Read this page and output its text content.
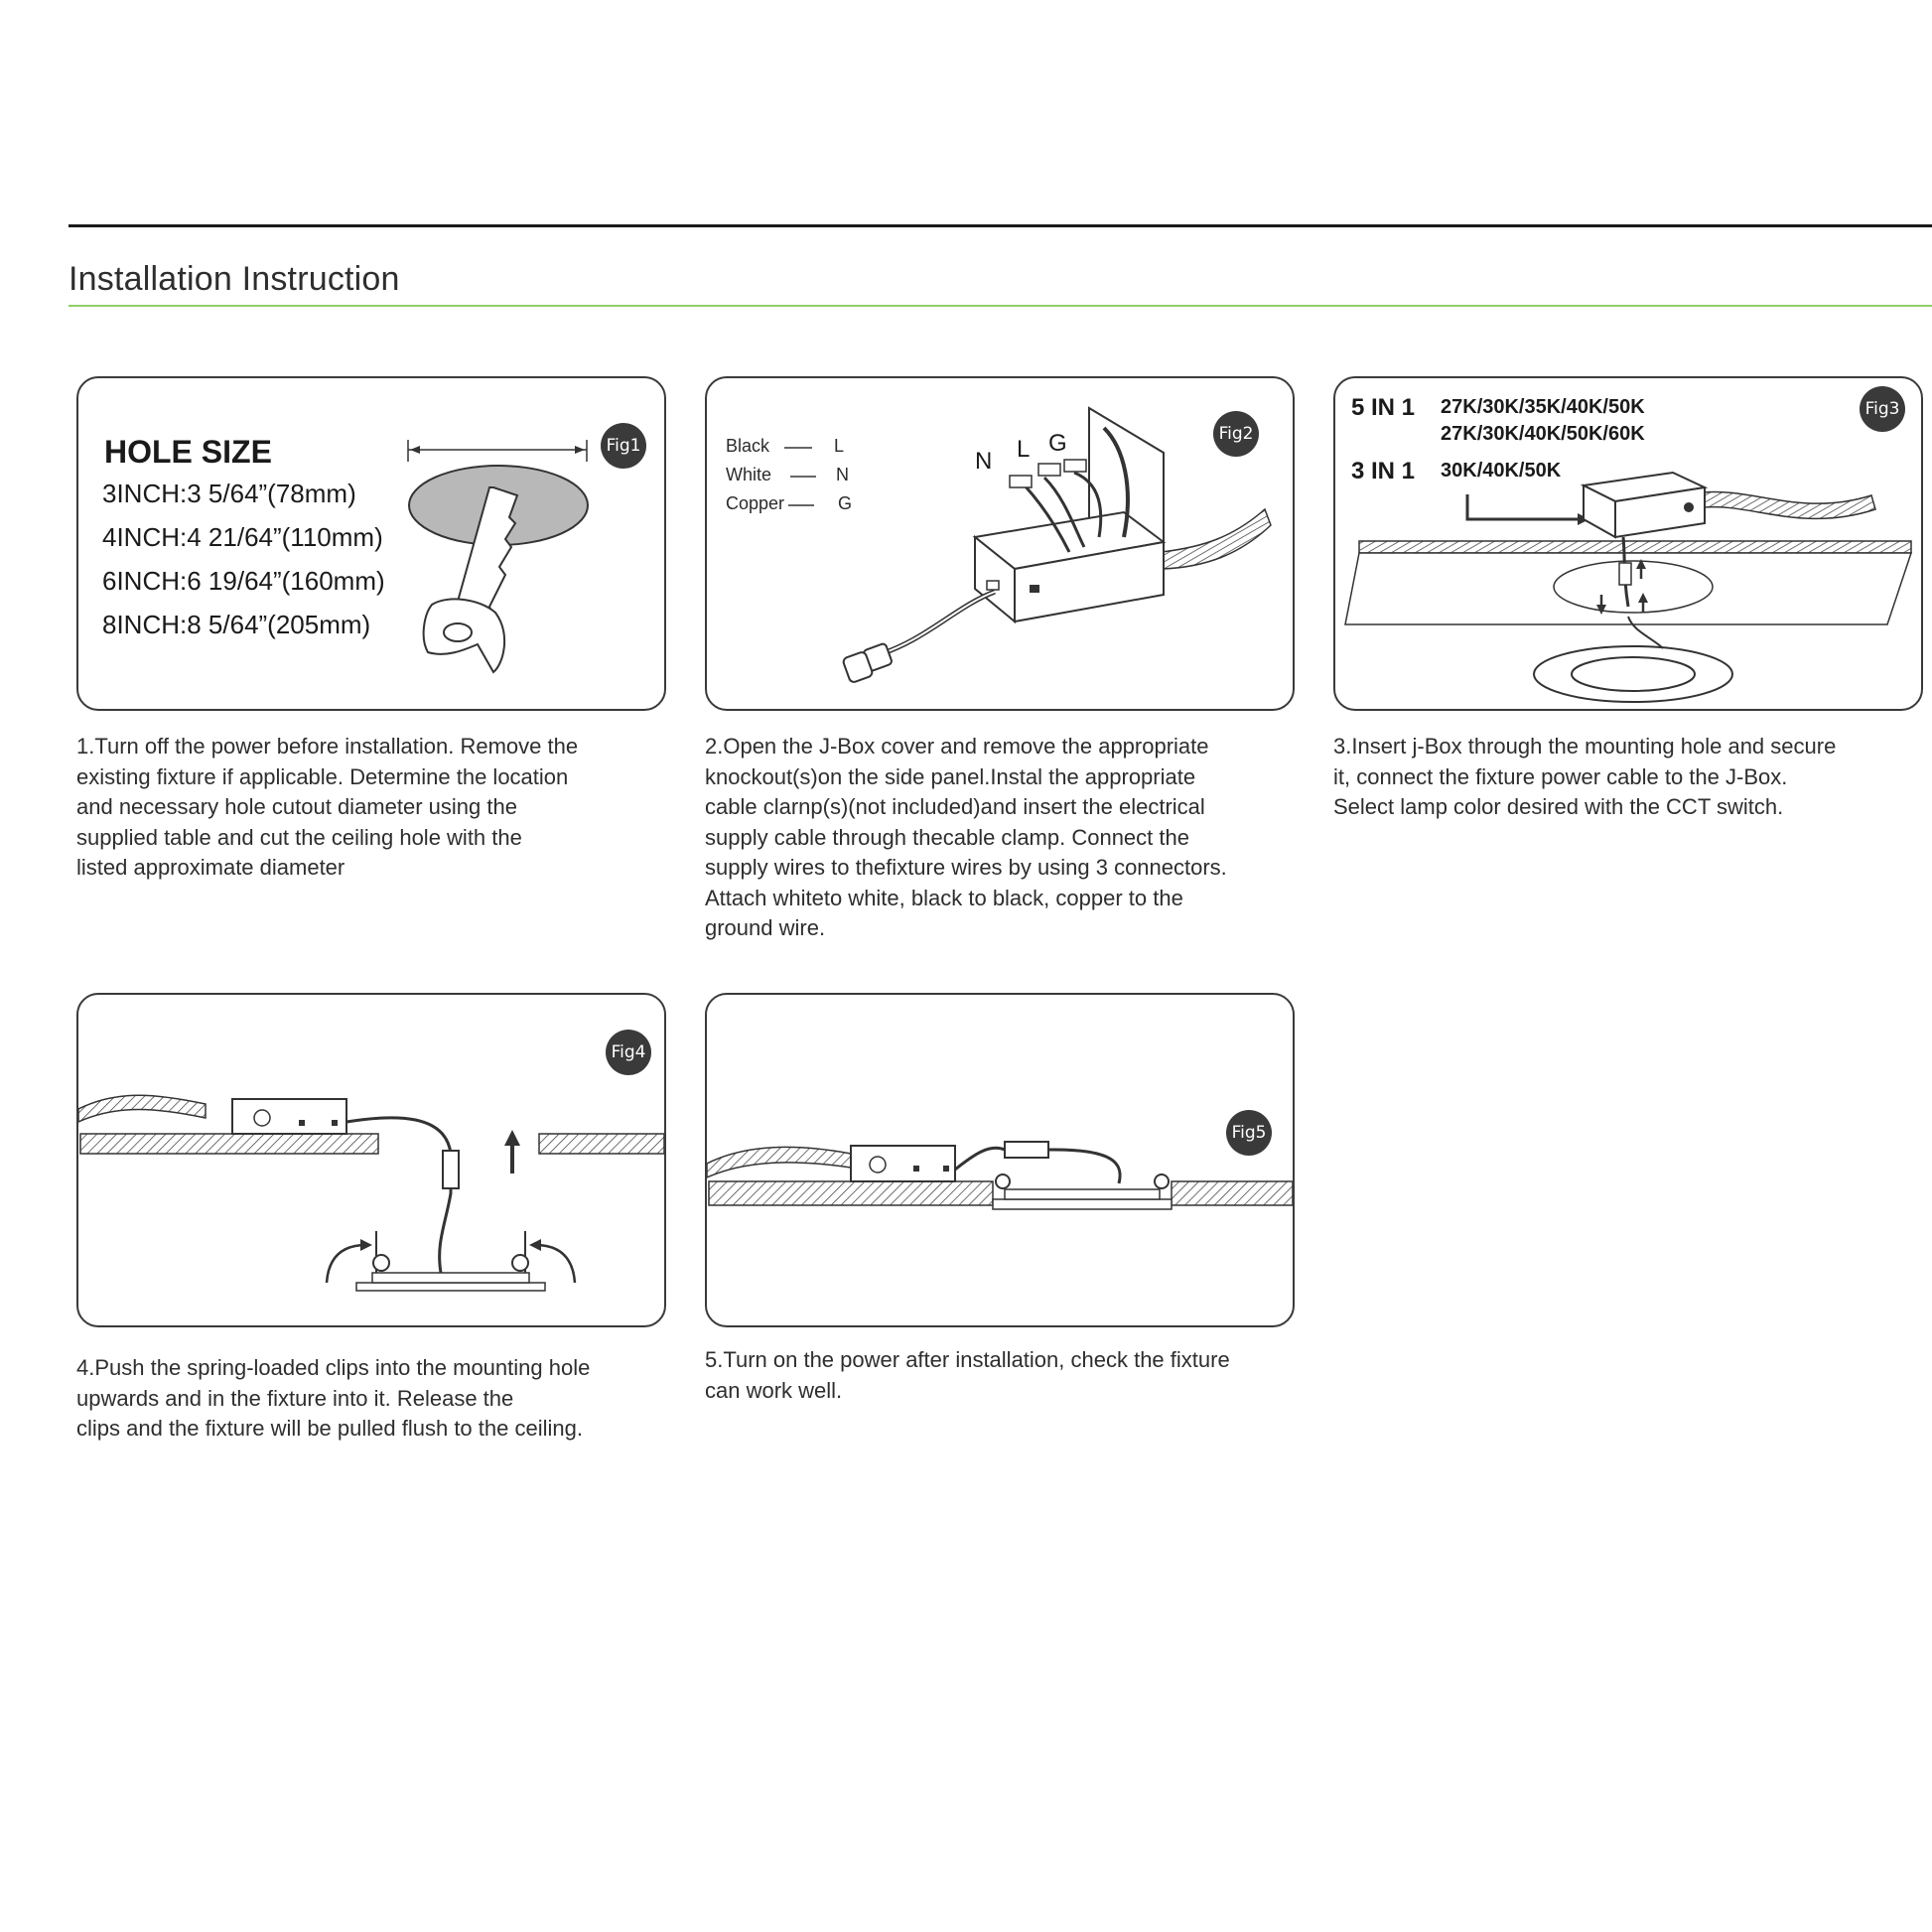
Installation Instruction
Fig1
HOLE SIZE
3INCH:3 5/64”(78mm)
4INCH:4 21/64”(110mm)
6INCH:6 19/64”(160mm)
8INCH:8 5/64”(205mm)
1.Turn off the power before installation. Remove the
existing fixture if applicable. Determine the location
and necessary hole cutout diameter using the
supplied table and cut the ceiling hole with the
listed approximate diameter
Fig2
Black	L
White	N
Copper	G
N L G
2.Open the J-Box cover and remove the appropriate
knockout(s)on the side panel.Instal the appropriate
cable clarnp(s)(not included)and insert the electrical
supply cable through thecable clamp. Connect the
supply wires to thefixture wires by using 3 connectors.
Attach whiteto white, black to black, copper to the
ground wire.
Fig3
5 IN 1 27K/30K/35K/40K/50K
27K/30K/40K/50K/60K
3 IN 1 30K/40K/50K
3.Insert j-Box through the mounting hole and secure
it, connect the fixture power cable to the J-Box.
Select lamp color desired with the CCT switch.
Fig4
4.Push the spring-loaded clips into the mounting hole
upwards and in the fixture into it. Release the
clips and the fixture will be pulled flush to the ceiling.
Fig5
5.Turn on the power after installation, check the fixture
can work well.
